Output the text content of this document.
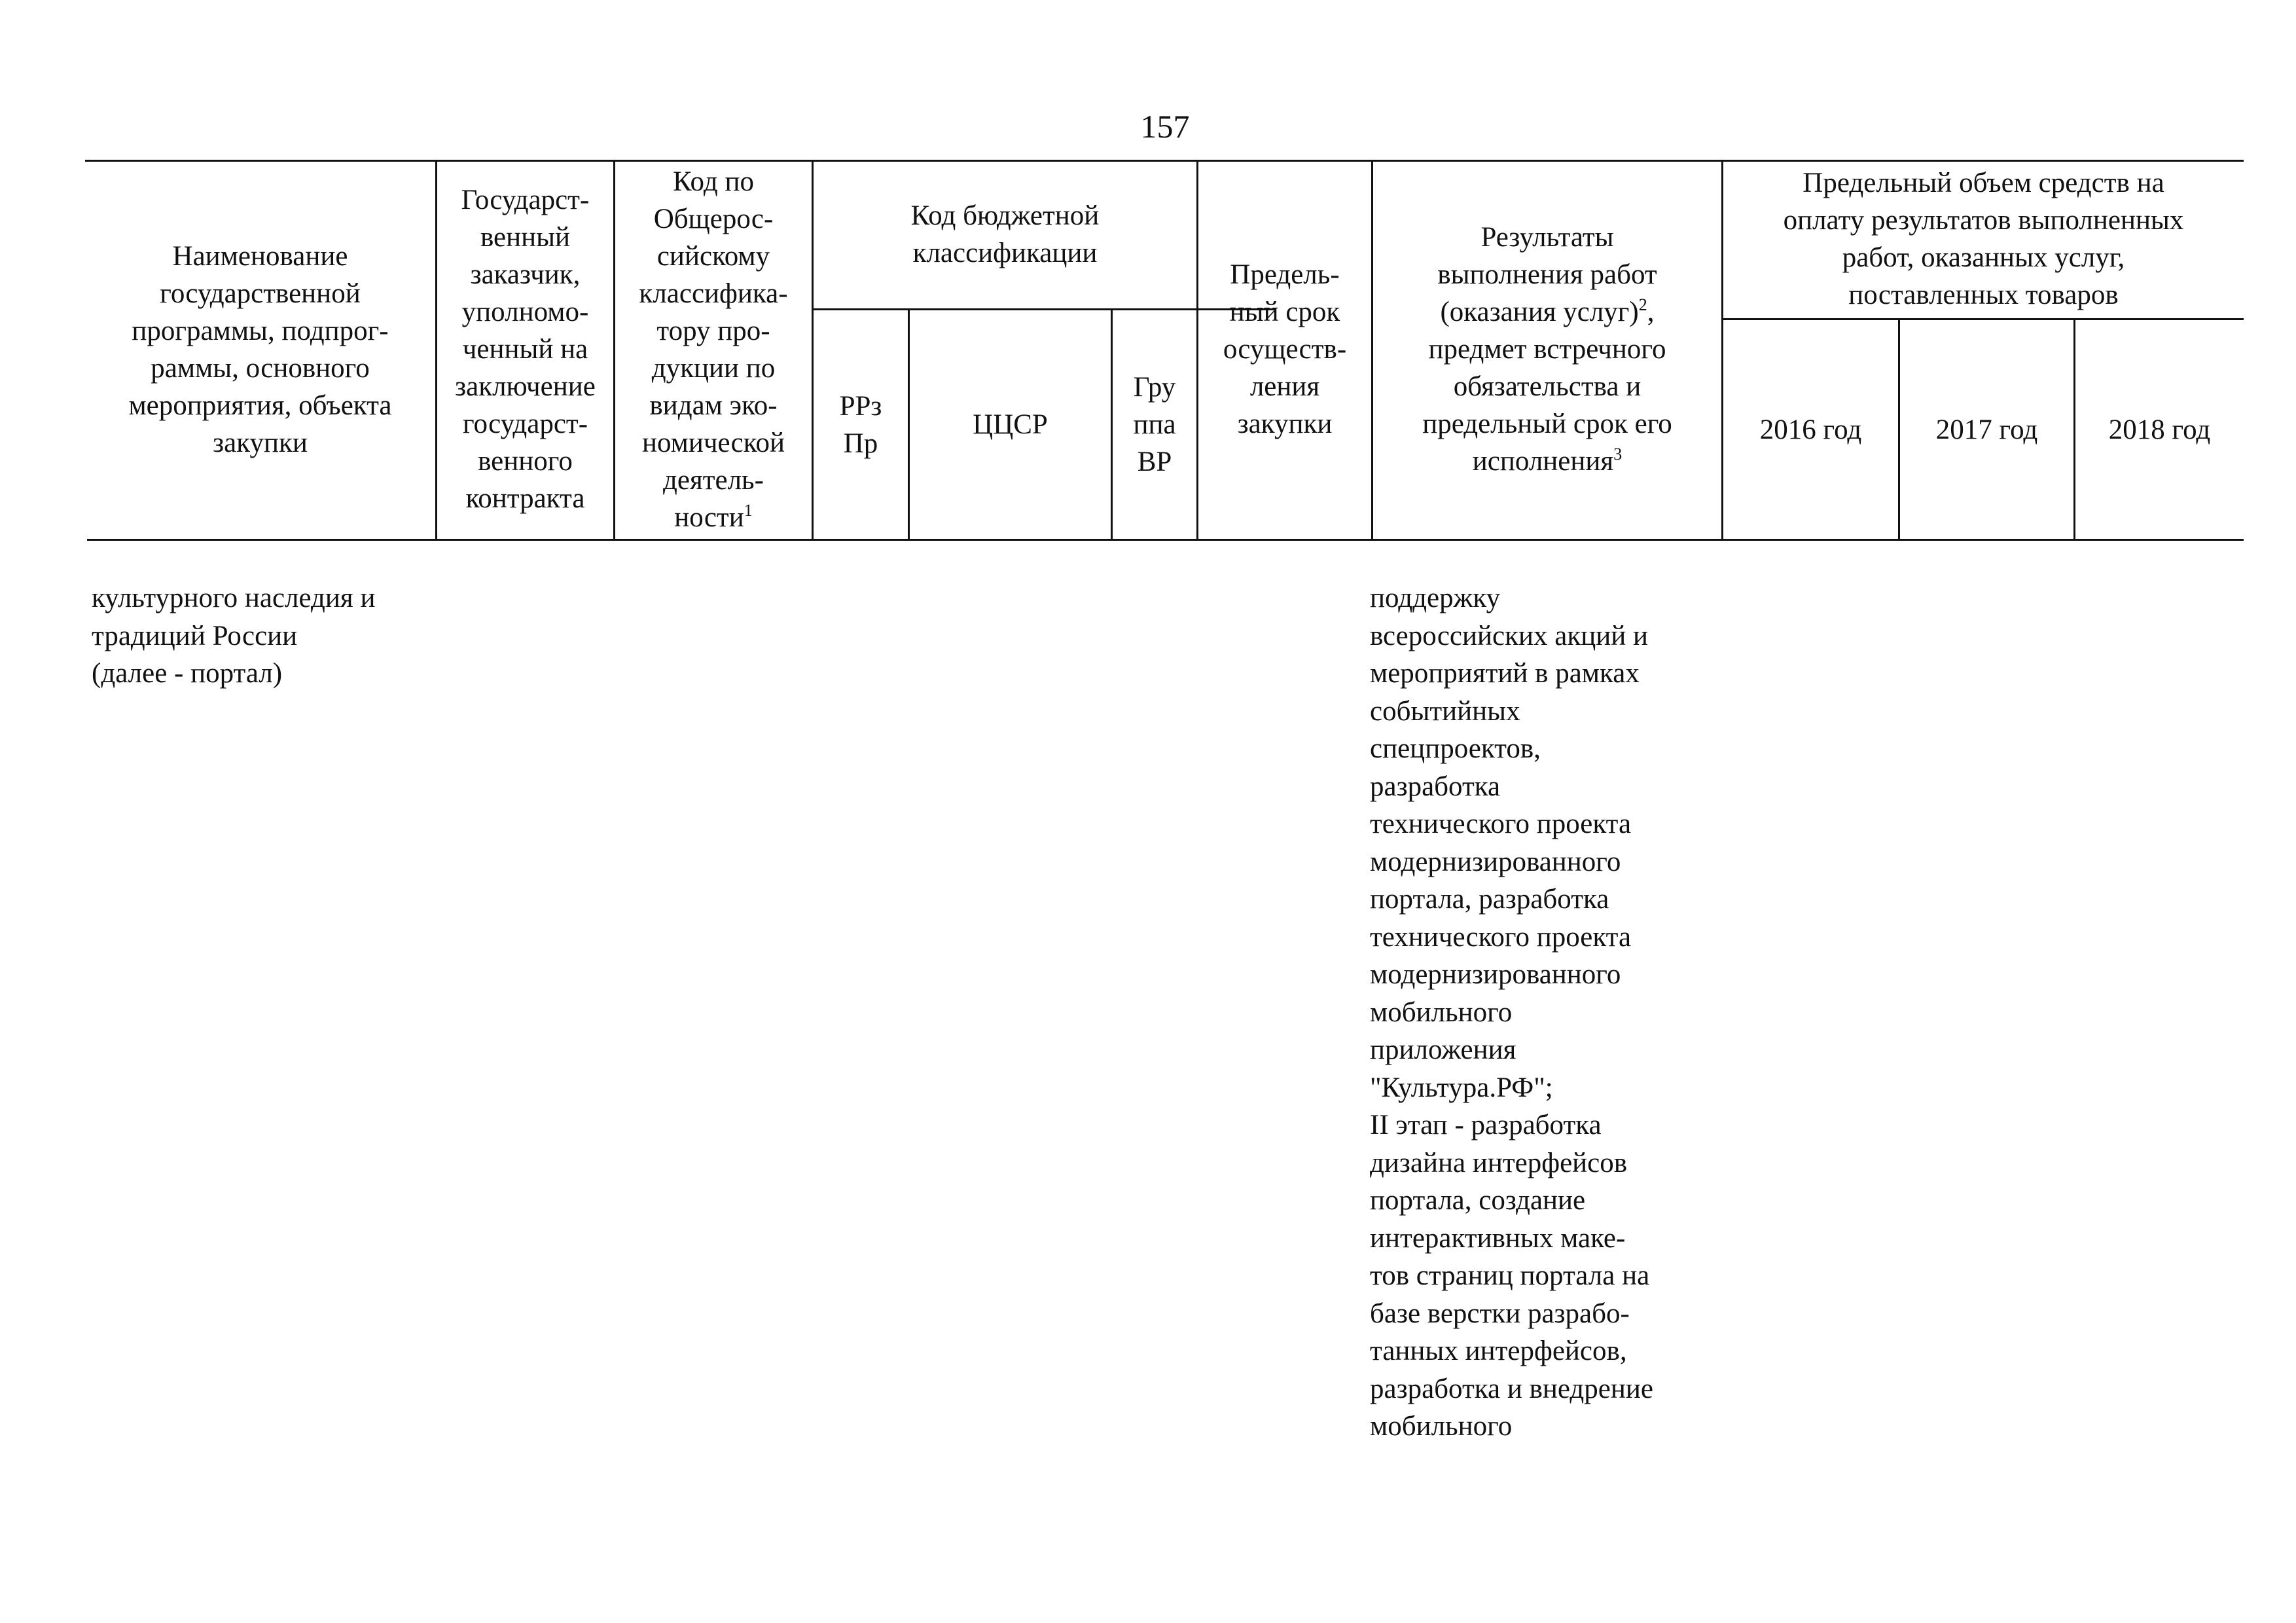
157
Наименование
государственной
программы, подпрог-
раммы, основного
мероприятия, объекта
закупки
Государст-
венный
заказчик,
уполномо-
ченный на
заключение
государст-
венного
контракта
Код по
Общерос-
сийскому
классифика-
тору про-
дукции по
видам эко-
номической
деятель-
ности$^1$
Код бюджетной
классификации
РРз
Пр
ЦЦСР
Гру
ппа
ВР
Предель-
ный срок
осуществ-
ления
закупки
Результаты
выполнения работ
(оказания услуг)$^2$,
предмет встречного
обязательства и
предельный срок его
исполнения$^3$
Предельный объем средств на
оплату результатов выполненных
работ, оказанных услуг,
поставленных товаров
2016 год	2017 год	2018 год
культурного наследия и
традиций России
(далее - портал)
поддержку
всероссийских акций и
мероприятий в рамках
событийных
спецпроектов,
разработка
технического проекта
модернизированного
портала, разработка
технического проекта
модернизированного
мобильного
приложения
"Культура.РФ";
II этап - разработка
дизайна интерфейсов
портала, создание
интерактивных маке-
тов страниц портала на
базе верстки разрабо-
танных интерфейсов,
разработка и внедрение
мобильного
